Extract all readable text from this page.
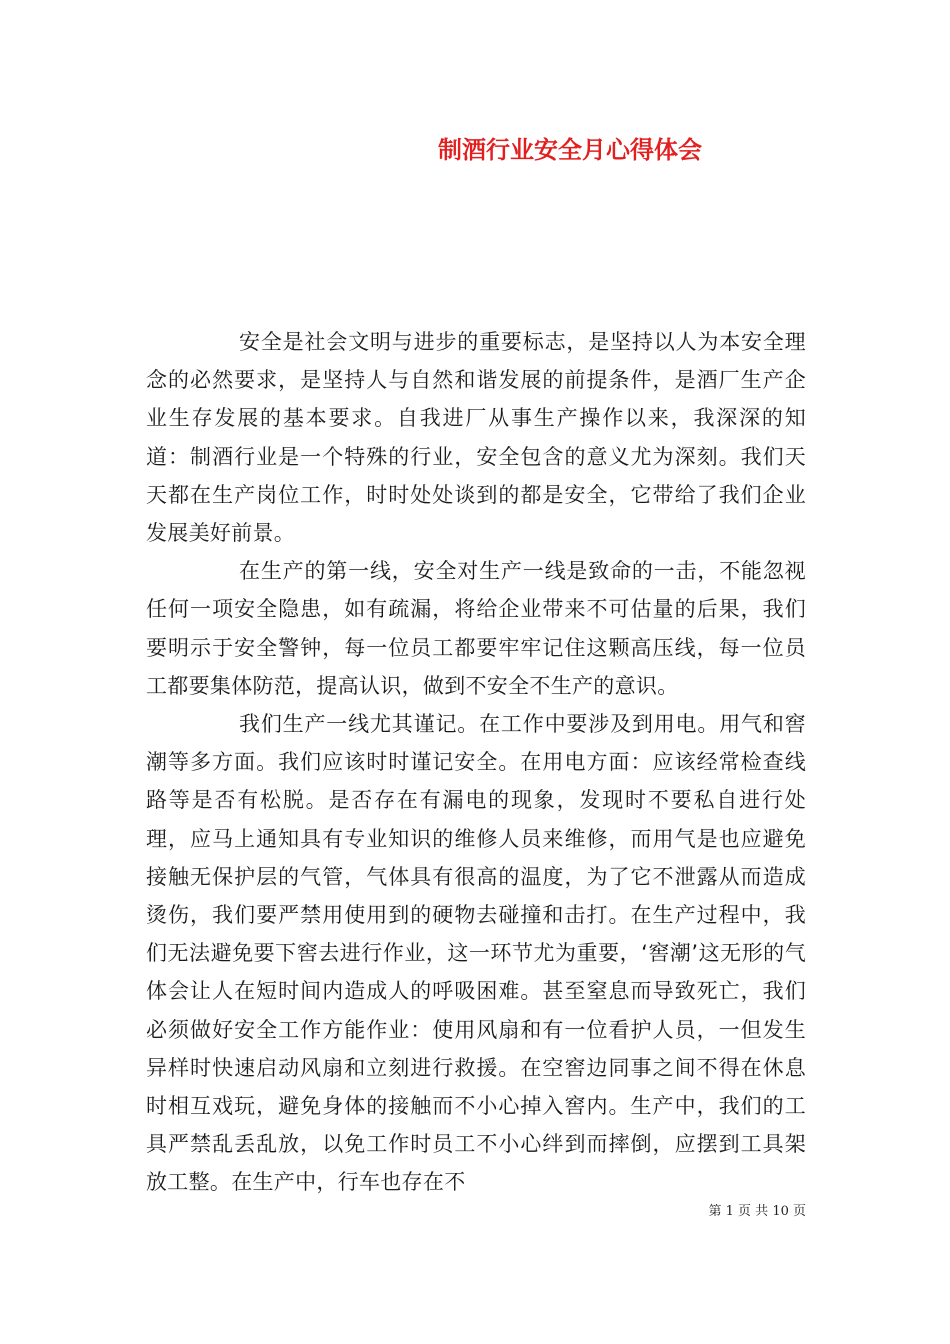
制酒行业安全月心得体会

安全是社会文明与进步的重要标志，是坚持以人为本安全理念的必然要求，是坚持人与自然和谐发展的前提条件，是酒厂生产企业生存发展的基本要求。自我进厂从事生产操作以来，我深深的知道：制酒行业是一个特殊的行业，安全包含的意义尤为深刻。我们天天都在生产岗位工作，时时处处谈到的都是安全，它带给了我们企业发展美好前景。

在生产的第一线，安全对生产一线是致命的一击，不能忽视任何一项安全隐患，如有疏漏，将给企业带来不可估量的后果，我们要明示于安全警钟，每一位员工都要牢牢记住这颗高压线，每一位员工都要集体防范，提高认识，做到不安全不生产的意识。

我们生产一线尤其谨记。在工作中要涉及到用电。用气和窖潮等多方面。我们应该时时谨记安全。在用电方面：应该经常检查线路等是否有松脱。是否存在有漏电的现象，发现时不要私自进行处理，应马上通知具有专业知识的维修人员来维修，而用气是也应避免接触无保护层的气管，气体具有很高的温度，为了它不泄露从而造成烫伤，我们要严禁用使用到的硬物去碰撞和击打。在生产过程中，我们无法避免要下窖去进行作业，这一环节尤为重要，‘窖潮’这无形的气体会让人在短时间内造成人的呼吸困难。甚至窒息而导致死亡，我们必须做好安全工作方能作业：使用风扇和有一位看护人员，一但发生异样时快速启动风扇和立刻进行救援。在空窖边同事之间不得在休息时相互戏玩，避免身体的接触而不小心掉入窖内。生产中，我们的工具严禁乱丢乱放，以免工作时员工不小心绊到而摔倒，应摆到工具架放工整。在生产中，行车也存在不

第 1 页 共 10 页
